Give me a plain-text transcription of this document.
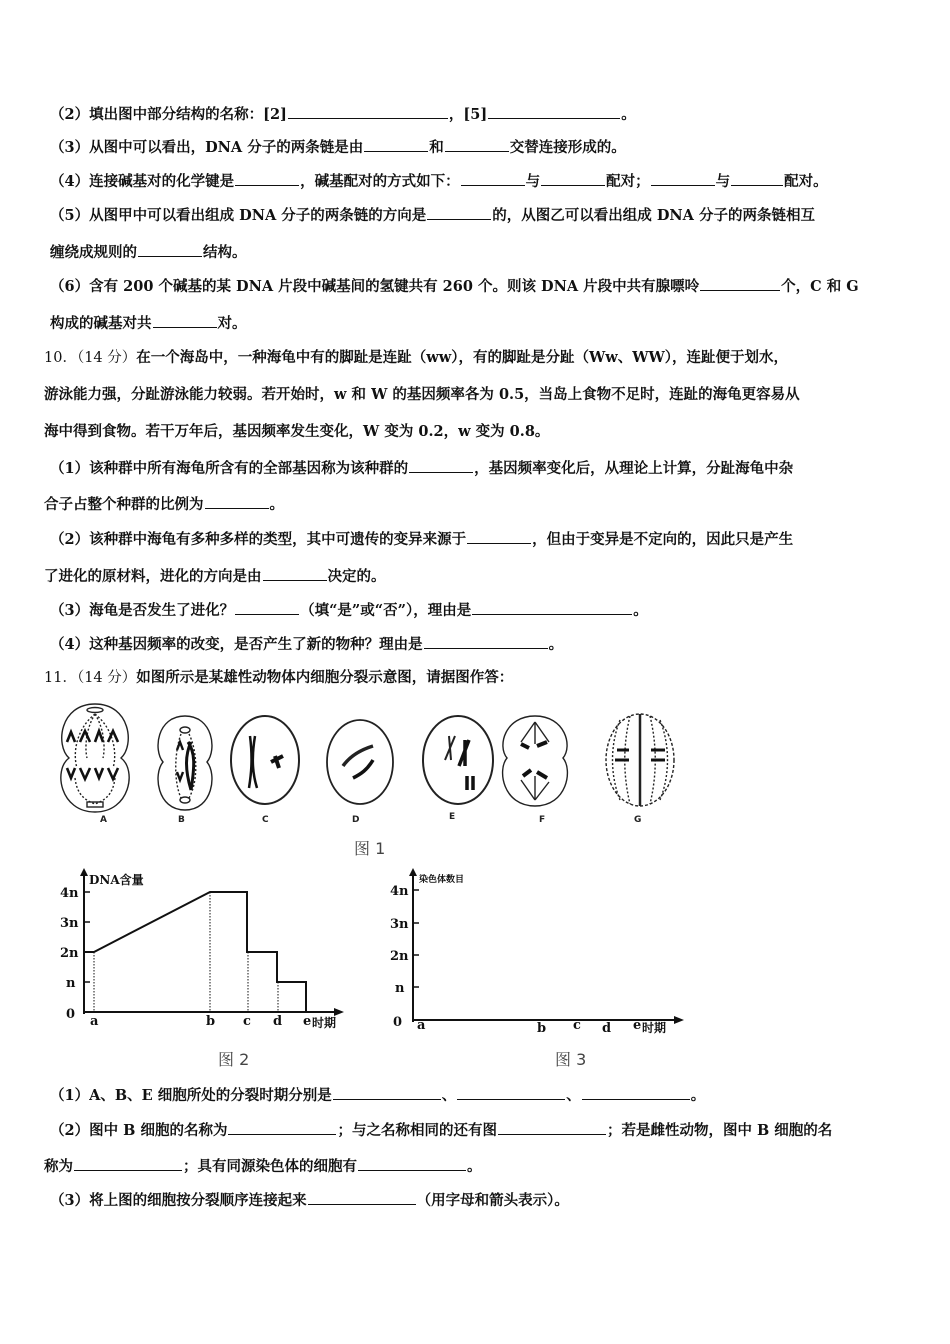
（2）填出图中部分结构的名称：[2]	，[5]	。
（3）从图中可以看出，DNA 分子的两条链是由	和	交替连接形成的。
（4）连接碱基对的化学键是	，碱基配对的方式如下：	与	配对；	与	配对。
（5）从图甲中可以看出组成 DNA 分子的两条链的方向是	的，从图乙可以看出组成 DNA 分子的两条链相互
缠绕成规则的	结构。
（6）含有 200 个碱基的某 DNA 片段中碱基间的氢键共有 260 个。则该 DNA 片段中共有腺嘌呤	个，C 和 G
构成的碱基对共	对。
10．（14 分）在一个海岛中，一种海龟中有的脚趾是连趾（ww），有的脚趾是分趾（Ww、WW），连趾便于划水，
游泳能力强，分趾游泳能力较弱。若开始时，w 和 W 的基因频率各为 0.5，当岛上食物不足时，连趾的海龟更容易从
海中得到食物。若干万年后，基因频率发生变化，W 变为 0.2，w 变为 0.8。
（1）该种群中所有海龟所含有的全部基因称为该种群的	，基因频率变化后，从理论上计算，分趾海龟中杂
合子占整个种群的比例为	。
（2）该种群中海龟有多种多样的类型，其中可遗传的变异来源于	，但由于变异是不定向的，因此只是产生
了进化的原材料，进化的方向是由	决定的。
（3）海龟是否发生了进化？	（填“是”或“否”），理由是	。
（4）这种基因频率的改变，是否产生了新的物种？理由是	。
11．（14 分）如图所示是某雄性动物体内细胞分裂示意图，请据图作答：
A	B	C	D	E	F	G
图 1
DNA含量
4n
3n
2n
n
0 a	b c d e 时期
图 2
染色体数目
4n
3n
2n
n
0 a	b c d e 时期
图 3
（1）A、B、E 细胞所处的分裂时期分别是	、	、	。
（2）图中 B 细胞的名称为	；与之名称相同的还有图	；若是雌性动物，图中 B 细胞的名
称为	；具有同源染色体的细胞有	。
（3）将上图的细胞按分裂顺序连接起来	（用字母和箭头表示）。
